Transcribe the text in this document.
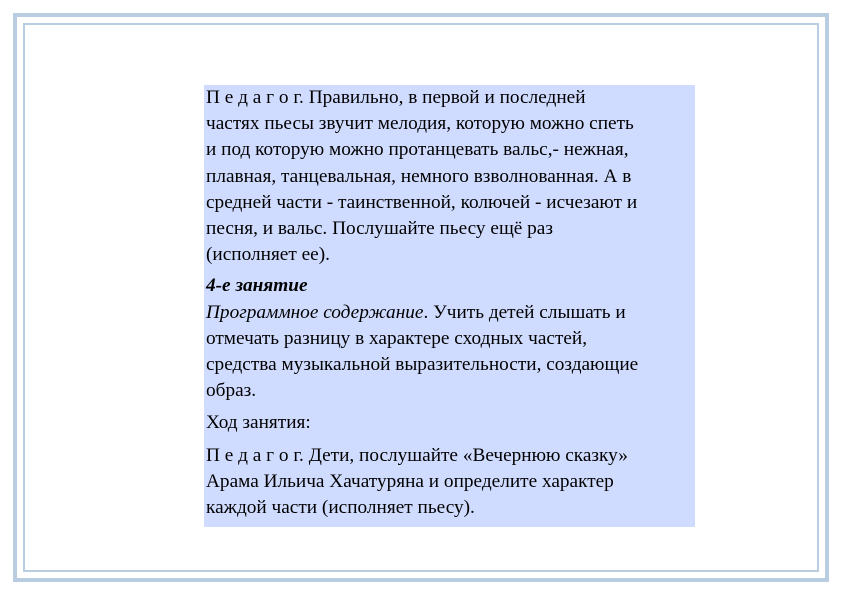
П е д а г о г. Правильно, в первой и последней
частях пьесы звучит мелодия, которую можно спеть
и под которую можно протанцевать вальс,- нежная,
плавная, танцевальная, немного взволнованная. А в
средней части - таинственной, колючей - исчезают и
песня, и вальс. Послушайте пьесу ещё раз
(исполняет ее).

4-е занятие

Программное содержание. Учить детей слышать и
отмечать разницу в характере сходных частей,
средства музыкальной выразительности, создающие
образ.

Ход занятия:

П е д а г о г. Дети, послушайте «Вечернюю сказку»
Арама Ильича Хачатуряна и определите характер
каждой части (исполняет пьесу).
